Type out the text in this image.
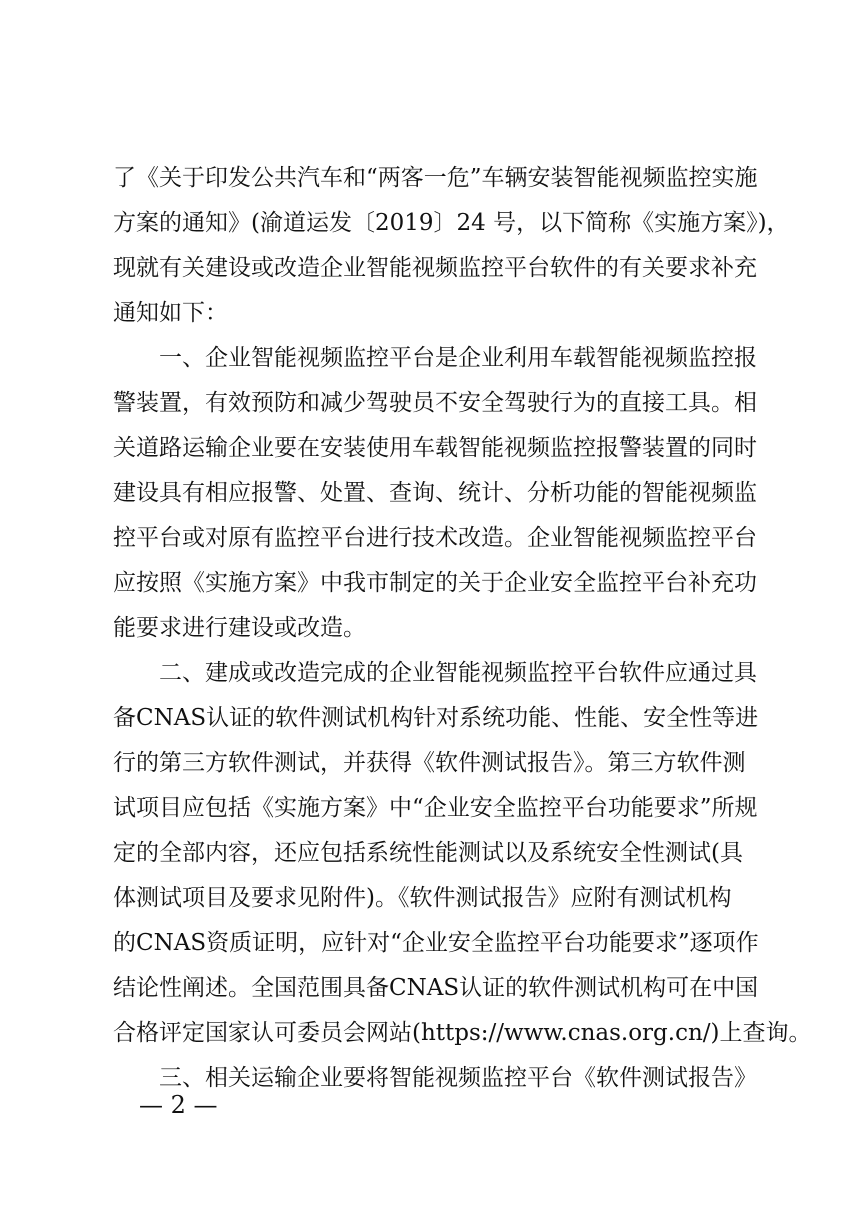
了《关于印发公共汽车和“两客一危”车辆安装智能视频监控实施
方案的通知》(渝道运发〔2019〕24 号，以下简称《实施方案》)，
现就有关建设或改造企业智能视频监控平台软件的有关要求补充
通知如下：
　　一、企业智能视频监控平台是企业利用车载智能视频监控报
警装置，有效预防和减少驾驶员不安全驾驶行为的直接工具。相
关道路运输企业要在安装使用车载智能视频监控报警装置的同时
建设具有相应报警、处置、查询、统计、分析功能的智能视频监
控平台或对原有监控平台进行技术改造。企业智能视频监控平台
应按照《实施方案》中我市制定的关于企业安全监控平台补充功
能要求进行建设或改造。
　　二、建成或改造完成的企业智能视频监控平台软件应通过具
备CNAS认证的软件测试机构针对系统功能、性能、安全性等进
行的第三方软件测试，并获得《软件测试报告》。第三方软件测
试项目应包括《实施方案》中“企业安全监控平台功能要求”所规
定的全部内容，还应包括系统性能测试以及系统安全性测试(具
体测试项目及要求见附件)。《软件测试报告》应附有测试机构
的CNAS资质证明，应针对“企业安全监控平台功能要求”逐项作
结论性阐述。全国范围具备CNAS认证的软件测试机构可在中国
合格评定国家认可委员会网站(https://www.cnas.org.cn/)上查询。
　　三、相关运输企业要将智能视频监控平台《软件测试报告》
— 2 —
